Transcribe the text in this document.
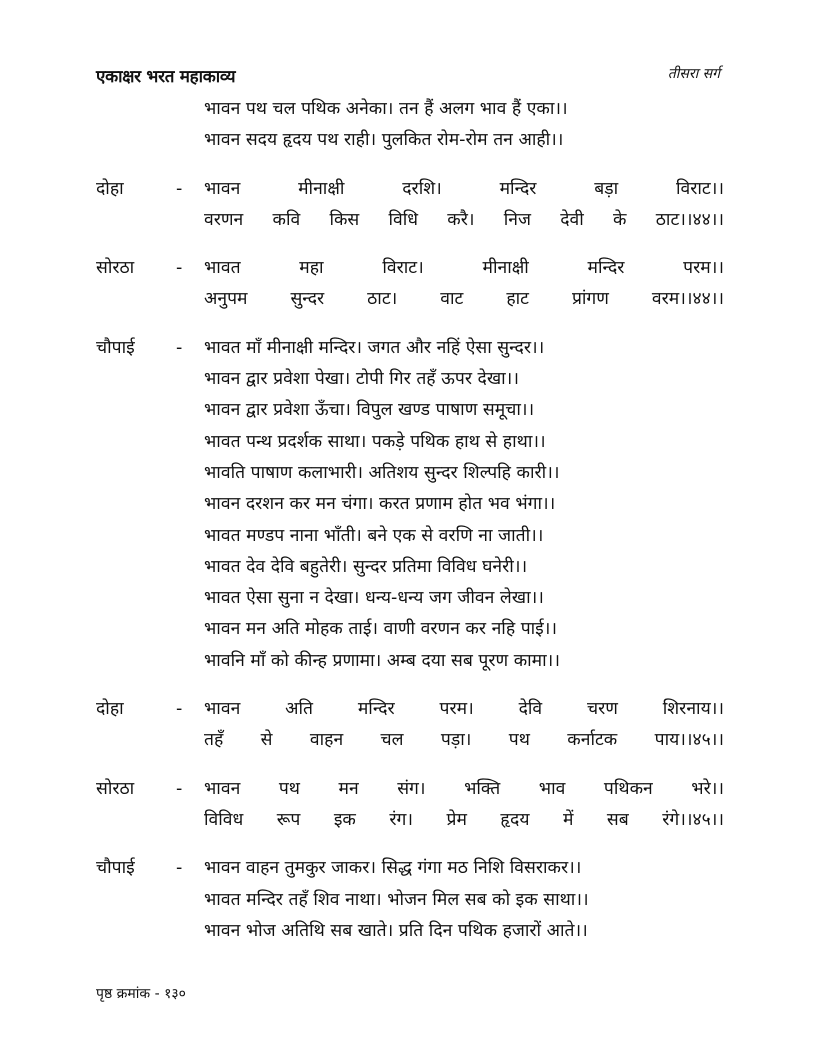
एकाक्षर भरत महाकाव्य	तीसरा सर्ग
भावन पथ चल पथिक अनेका। तन हैं अलग भाव हैं एका।।
भावन सदय हृदय पथ राही। पुलकित रोम-रोम तन आही।।
दोहा	- भावन मीनाक्षी दरशि। मन्दिर बड़ा विराट।।
वरणन कवि किस विधि करै। निज देवी के ठाट।।४४।।
सोरठा - भावत महा विराट। मीनाक्षी मन्दिर परम।।
अनुपम सुन्दर ठाट। वाट हाट प्रांगण वरम।।४४।।
चौपाई - भावत माँ मीनाक्षी मन्दिर। जगत और नहिं ऐसा सुन्दर।।
भावन द्वार प्रवेशा पेखा। टोपी गिर तहँ ऊपर देखा।।
भावन द्वार प्रवेशा ऊँचा। विपुल खण्ड पाषाण समूचा।।
भावत पन्थ प्रदर्शक साथा। पकड़े पथिक हाथ से हाथा।।
भावति पाषाण कलाभारी। अतिशय सुन्दर शिल्पहि कारी।।
भावन दरशन कर मन चंगा। करत प्रणाम होत भव भंगा।।
भावत मण्डप नाना भाँती। बने एक से वरणि ना जाती।।
भावत देव देवि बहुतेरी। सुन्दर प्रतिमा विविध घनेरी।।
भावत ऐसा सुना न देखा। धन्य-धन्य जग जीवन लेखा।।
भावन मन अति मोहक ताई। वाणी वरणन कर नहि पाई।।
भावनि माँ को कीन्ह प्रणामा। अम्ब दया सब पूरण कामा।।
दोहा	- भावन अति मन्दिर परम। देवि चरण शिरनाय।।
तहँ से वाहन चल पड़ा। पथ कर्नाटक पाय।।४५।।
सोरठा - भावन पथ मन संग। भक्ति भाव पथिकन भरे।।
विविध रूप इक रंग। प्रेम हृदय में सब रंगे।।४५।।
चौपाई - भावन वाहन तुमकुर जाकर। सिद्ध गंगा मठ निशि विसराकर।।
भावत मन्दिर तहँ शिव नाथा। भोजन मिल सब को इक साथा।।
भावन भोज अतिथि सब खाते। प्रति दिन पथिक हजारों आते।।
पृष्ठ क्रमांक - १३०
